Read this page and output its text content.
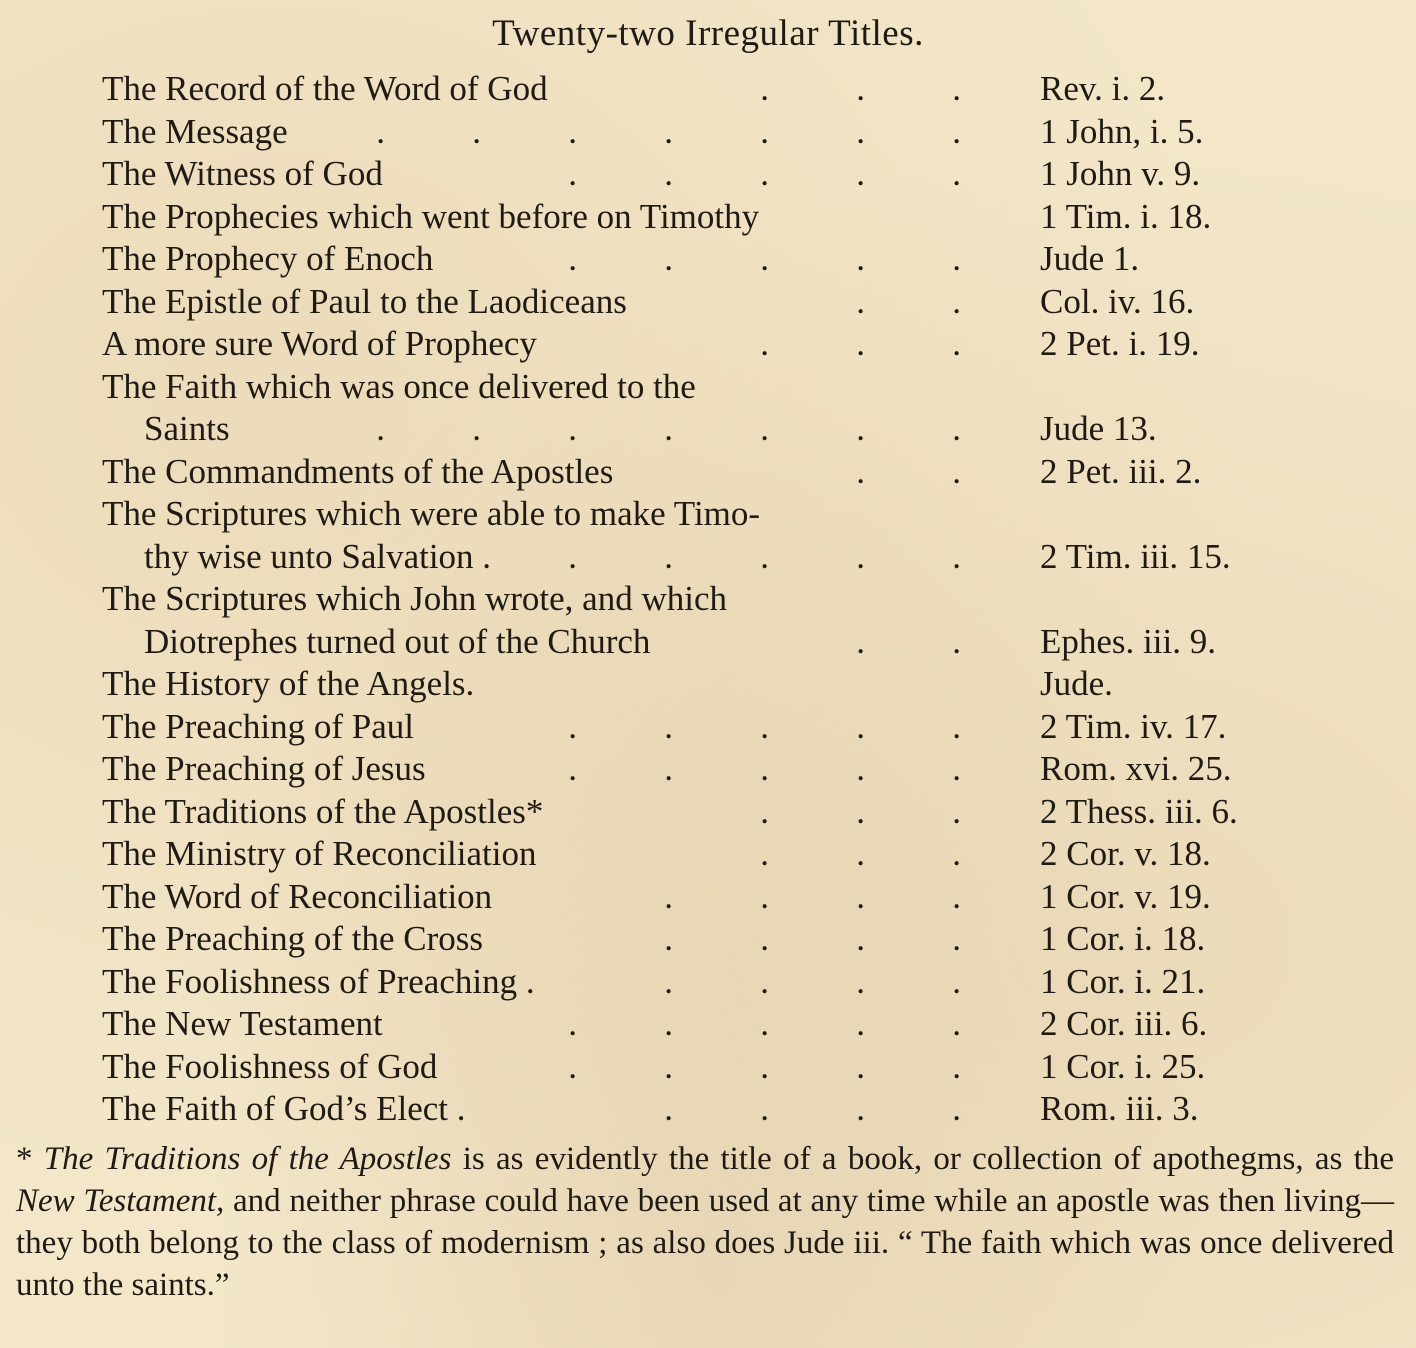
Twenty-two Irregular Titles.
The Record of the Word of God	. . . Rev. i. 2.
The Message	. . . . . . . 1 John, i. 5.
The Witness of God	. . . . . 1 John v. 9.
The Prophecies which went before on Timothy	1 Tim. i. 18.
The Prophecy of Enoch	. . . . . Jude 1.
The Epistle of Paul to the Laodiceans	. . Col. iv. 16.
A more sure Word of Prophecy	. . . 2 Pet. i. 19.
The Faith which was once delivered to the
Saints	. . . . . . . Jude 13.
The Commandments of the Apostles	. . 2 Pet. iii. 2.
The Scriptures which were able to make Timo-
thy wise unto Salvation .	. . . . . 2 Tim. iii. 15.
The Scriptures which John wrote, and which
Diotrephes turned out of the Church	. . Ephes. iii. 9.
The History of the Angels.	Jude.
The Preaching of Paul	. . . . . 2 Tim. iv. 17.
The Preaching of Jesus	. . . . . Rom. xvi. 25.
The Traditions of the Apostles*	. . . 2 Thess. iii. 6.
The Ministry of Reconciliation	. . . 2 Cor. v. 18.
The Word of Reconciliation	. . . . 1 Cor. v. 19.
The Preaching of the Cross	. . . . 1 Cor. i. 18.
The Foolishness of Preaching .	. . . . 1 Cor. i. 21.
The New Testament	. . . . . 2 Cor. iii. 6.
The Foolishness of God	. . . . . 1 Cor. i. 25.
The Faith of God’s Elect .	. . . . Rom. iii. 3.
* The Traditions of the Apostles is as evidently the title of a book, or collection of apothegms, as the New Testament, and neither phrase could have been used at any time while an apostle was then living—they both belong to the class of modernism ; as also does Jude iii. “ The faith which was once delivered unto the saints.”
